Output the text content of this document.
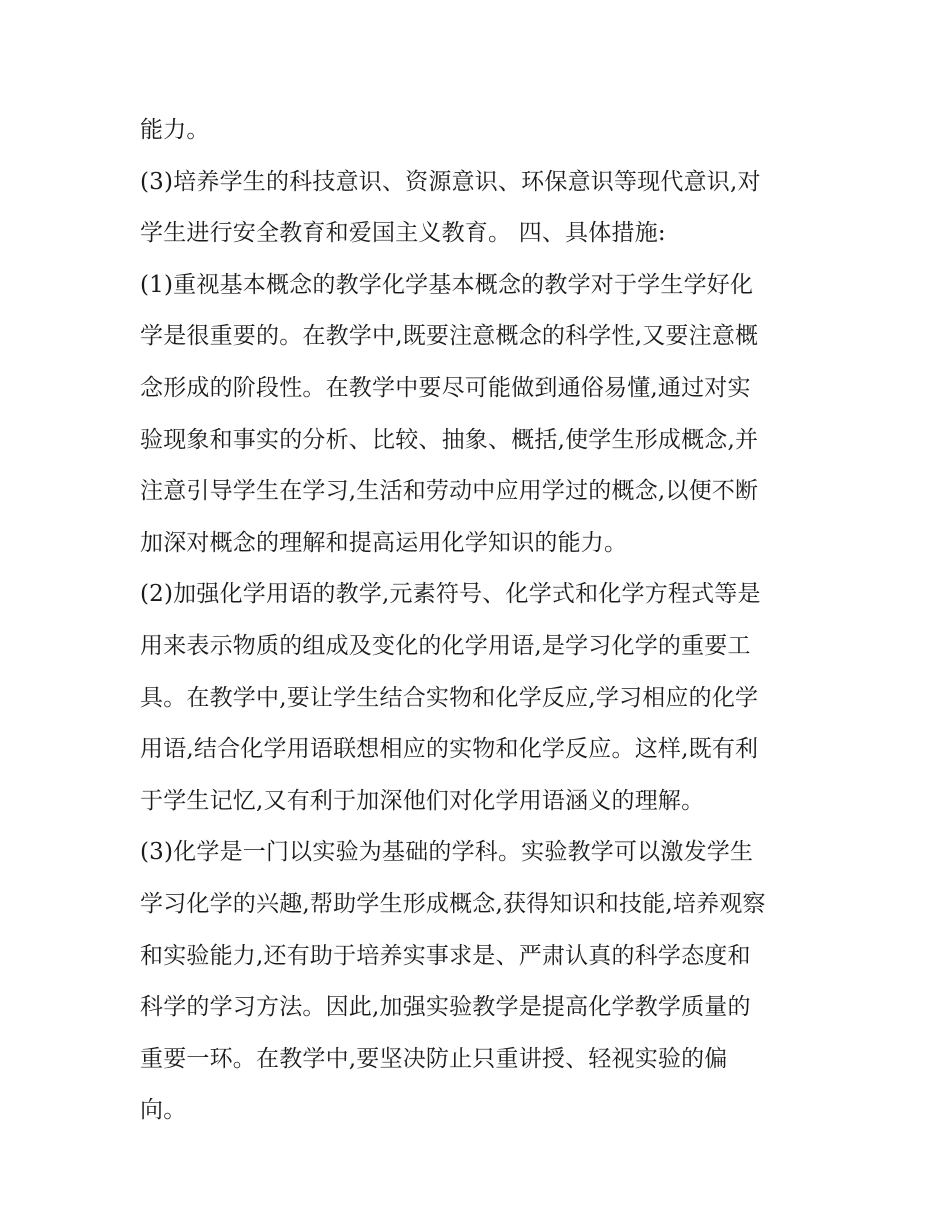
能力。
(3)培养学生的科技意识、资源意识、环保意识等现代意识,对
学生进行安全教育和爱国主义教育。 四、具体措施:
(1)重视基本概念的教学化学基本概念的教学对于学生学好化
学是很重要的。在教学中,既要注意概念的科学性,又要注意概
念形成的阶段性。在教学中要尽可能做到通俗易懂,通过对实
验现象和事实的分析、比较、抽象、概括,使学生形成概念,并
注意引导学生在学习,生活和劳动中应用学过的概念,以便不断
加深对概念的理解和提高运用化学知识的能力。
(2)加强化学用语的教学,元素符号、化学式和化学方程式等是
用来表示物质的组成及变化的化学用语,是学习化学的重要工
具。在教学中,要让学生结合实物和化学反应,学习相应的化学
用语,结合化学用语联想相应的实物和化学反应。这样,既有利
于学生记忆,又有利于加深他们对化学用语涵义的理解。
(3)化学是一门以实验为基础的学科。实验教学可以激发学生
学习化学的兴趣,帮助学生形成概念,获得知识和技能,培养观察
和实验能力,还有助于培养实事求是、严肃认真的科学态度和
科学的学习方法。因此,加强实验教学是提高化学教学质量的
重要一环。在教学中,要坚决防止只重讲授、轻视实验的偏
向。
